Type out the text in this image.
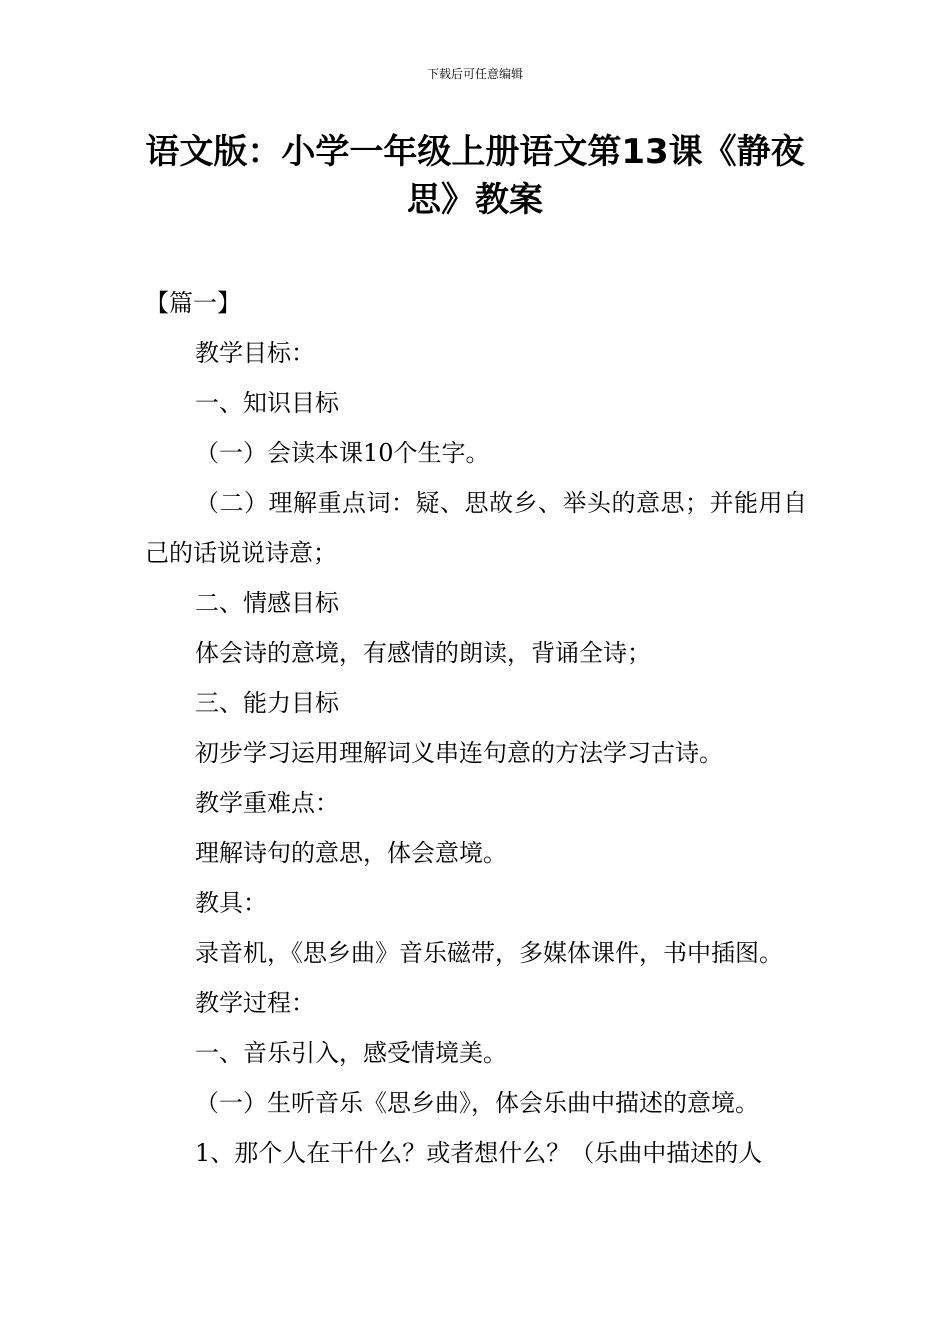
下载后可任意编辑
语文版：小学一年级上册语文第13课《静夜思》教案

【篇一】

教学目标：

一、知识目标

（一）会读本课10个生字。

（二）理解重点词：疑、思故乡、举头的意思；并能用自己的话说说诗意；

二、情感目标

体会诗的意境，有感情的朗读，背诵全诗；

三、能力目标

初步学习运用理解词义串连句意的方法学习古诗。

教学重难点：

理解诗句的意思，体会意境。

教具：

录音机，《思乡曲》音乐磁带，多媒体课件，书中插图。

教学过程：

一、音乐引入，感受情境美。

（一）生听音乐《思乡曲》，体会乐曲中描述的意境。

1、那个人在干什么？或者想什么？（乐曲中描述的人
